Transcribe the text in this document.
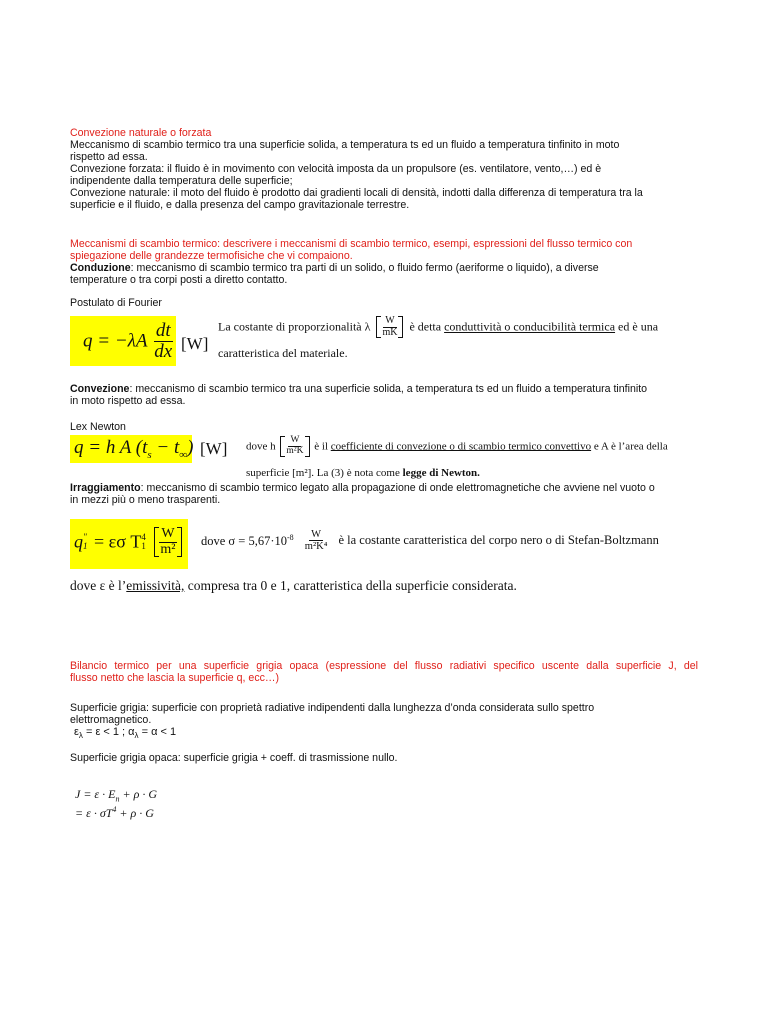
Convezione naturale o forzata
Meccanismo di scambio termico tra una superficie solida, a temperatura ts ed un fluido a temperatura tinfinito in moto
rispetto ad essa.
Convezione forzata: il fluido è in movimento con velocità imposta da un propulsore (es. ventilatore, vento,…) ed è
indipendente dalla temperatura delle superficie;
Convezione naturale: il moto del fluido è prodotto dai gradienti locali di densità, indotti dalla differenza di temperatura tra la
superficie e il fluido, e dalla presenza del campo gravitazionale terrestre.
Meccanismi di scambio termico: descrivere i meccanismi di scambio termico, esempi, espressioni del flusso termico con
spiegazione delle grandezze termofisiche che vi compaiono.
Conduzione: meccanismo di scambio termico tra parti di un solido, o fluido fermo (aeriforme o liquido), a diverse
temperature o tra corpi posti a diretto contatto.
Postulato di Fourier
$q = -\lambda A \frac{dt}{dx} [W]$
La costante di proporzionalità λ $\frac{W}{mK}$ è detta conduttività o conducibilità termica ed è una
caratteristica del materiale.
Convezione: meccanismo di scambio termico tra una superficie solida, a temperatura ts ed un fluido a temperatura tinfinito
in moto rispetto ad essa.
Lex Newton
q = h A $(t_s - t_\infty)$ [W] dove h $\frac{W}{\text{m²K}}$ è il coefficiente di convezione o di scambio termico convettivo e A è l’area della
superficie [m²]. La (3) è nota come legge di Newton.
Irraggiamento: meccanismo di scambio termico legato alla propagazione di onde elettromagnetiche che avviene nel vuoto o
in mezzi più o meno trasparenti.
q "
1 = εσ T 4
1
$\frac{W}{\text{m²}}$ dove $\sigma = 5,67\cdot 10^{-8} \frac{W}{\text{m²K⁴}}$ è la costante caratteristica del corpo nero o di Stefan-Boltzmann
dove ε è l’emissività, compresa tra 0 e 1, caratteristica della superficie considerata.
Bilancio termico per una superficie grigia opaca (espressione del flusso radiativi specifico uscente dalla superficie J, del
flusso netto che lascia la superficie q, ecc…)
Superficie grigia: superficie con proprietà radiative indipendenti dalla lunghezza d’onda considerata sullo spettro
elettromagnetico.
$\varepsilon_\lambda = \varepsilon < 1$ ; $\alpha_\lambda = \alpha < 1$
Superficie grigia opaca: superficie grigia + coeff. di trasmissione nullo.
$J = \varepsilon \cdot E_n + \rho \cdot G$
= $\varepsilon \cdot \sigma T^4 + \rho \cdot G$
